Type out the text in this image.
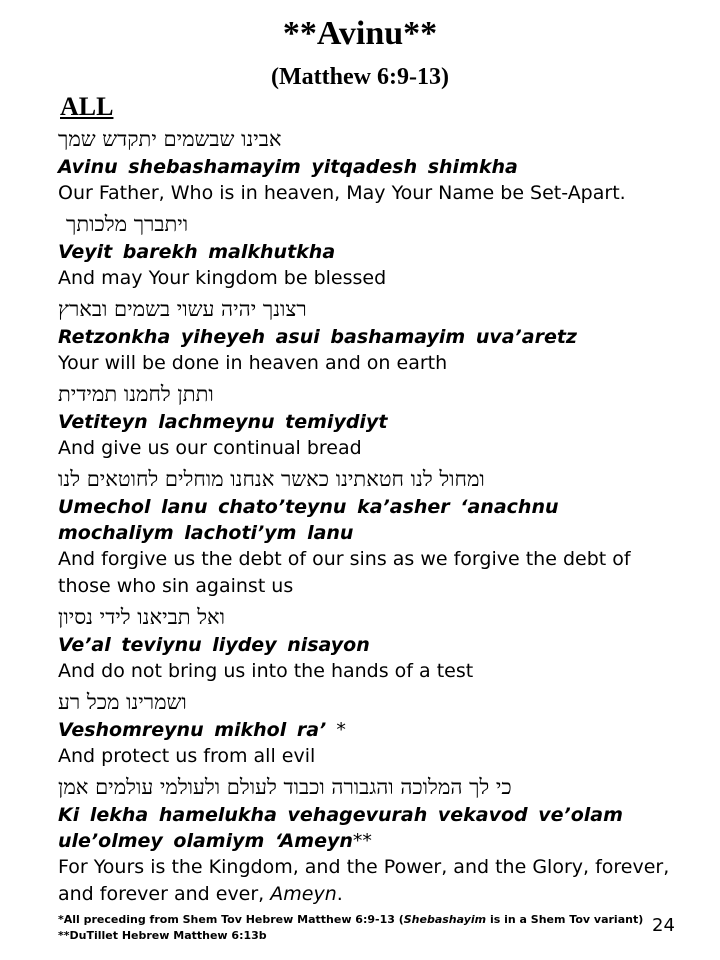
**Avinu**
(Matthew 6:9-13)
ALL

אבינו שבשמים יתקדש שמך

Avinu shebashamayim yitqadesh shimkha

Our Father, Who is in heaven, May Your Name be Set-Apart.

ויתברך מלכותך

Veyit barekh malkhutkha

And may Your kingdom be blessed

רצונך יהיה עשוי בשמים ובארץ

Retzonkha yiheyeh asui bashamayim uva’aretz

Your will be done in heaven and on earth

ותתן לחמנו תמידית

Vetiteyn lachmeynu temiydiyt

And give us our continual bread

ומחול לנו חטאתינו כאשר אנחנו מוחלים לחוטאים לנו

Umechol lanu chato’teynu ka’asher ‘anachnu mochaliym lachoti’ym lanu

And forgive us the debt of our sins as we forgive the debt of those who sin against us

ואל תביאנו לידי נסיון

Ve’al teviynu liydey nisayon

And do not bring us into the hands of a test

ושמרינו מכל רע

Veshomreynu mikhol ra’ *

And protect us from all evil

כי לך המלוכה והגבורה וכבוד לעולם ולעולמי עולמים אמן

Ki lekha hamelukha vehagevurah vekavod ve’olam ule’olmey olamiym ‘Ameyn**

For Yours is the Kingdom, and the Power, and the Glory, forever, and forever and ever, Ameyn.

*All preceding from Shem Tov Hebrew Matthew 6:9-13 (Shebashayim is in a Shem Tov variant)
**DuTillet Hebrew Matthew 6:13b	24
